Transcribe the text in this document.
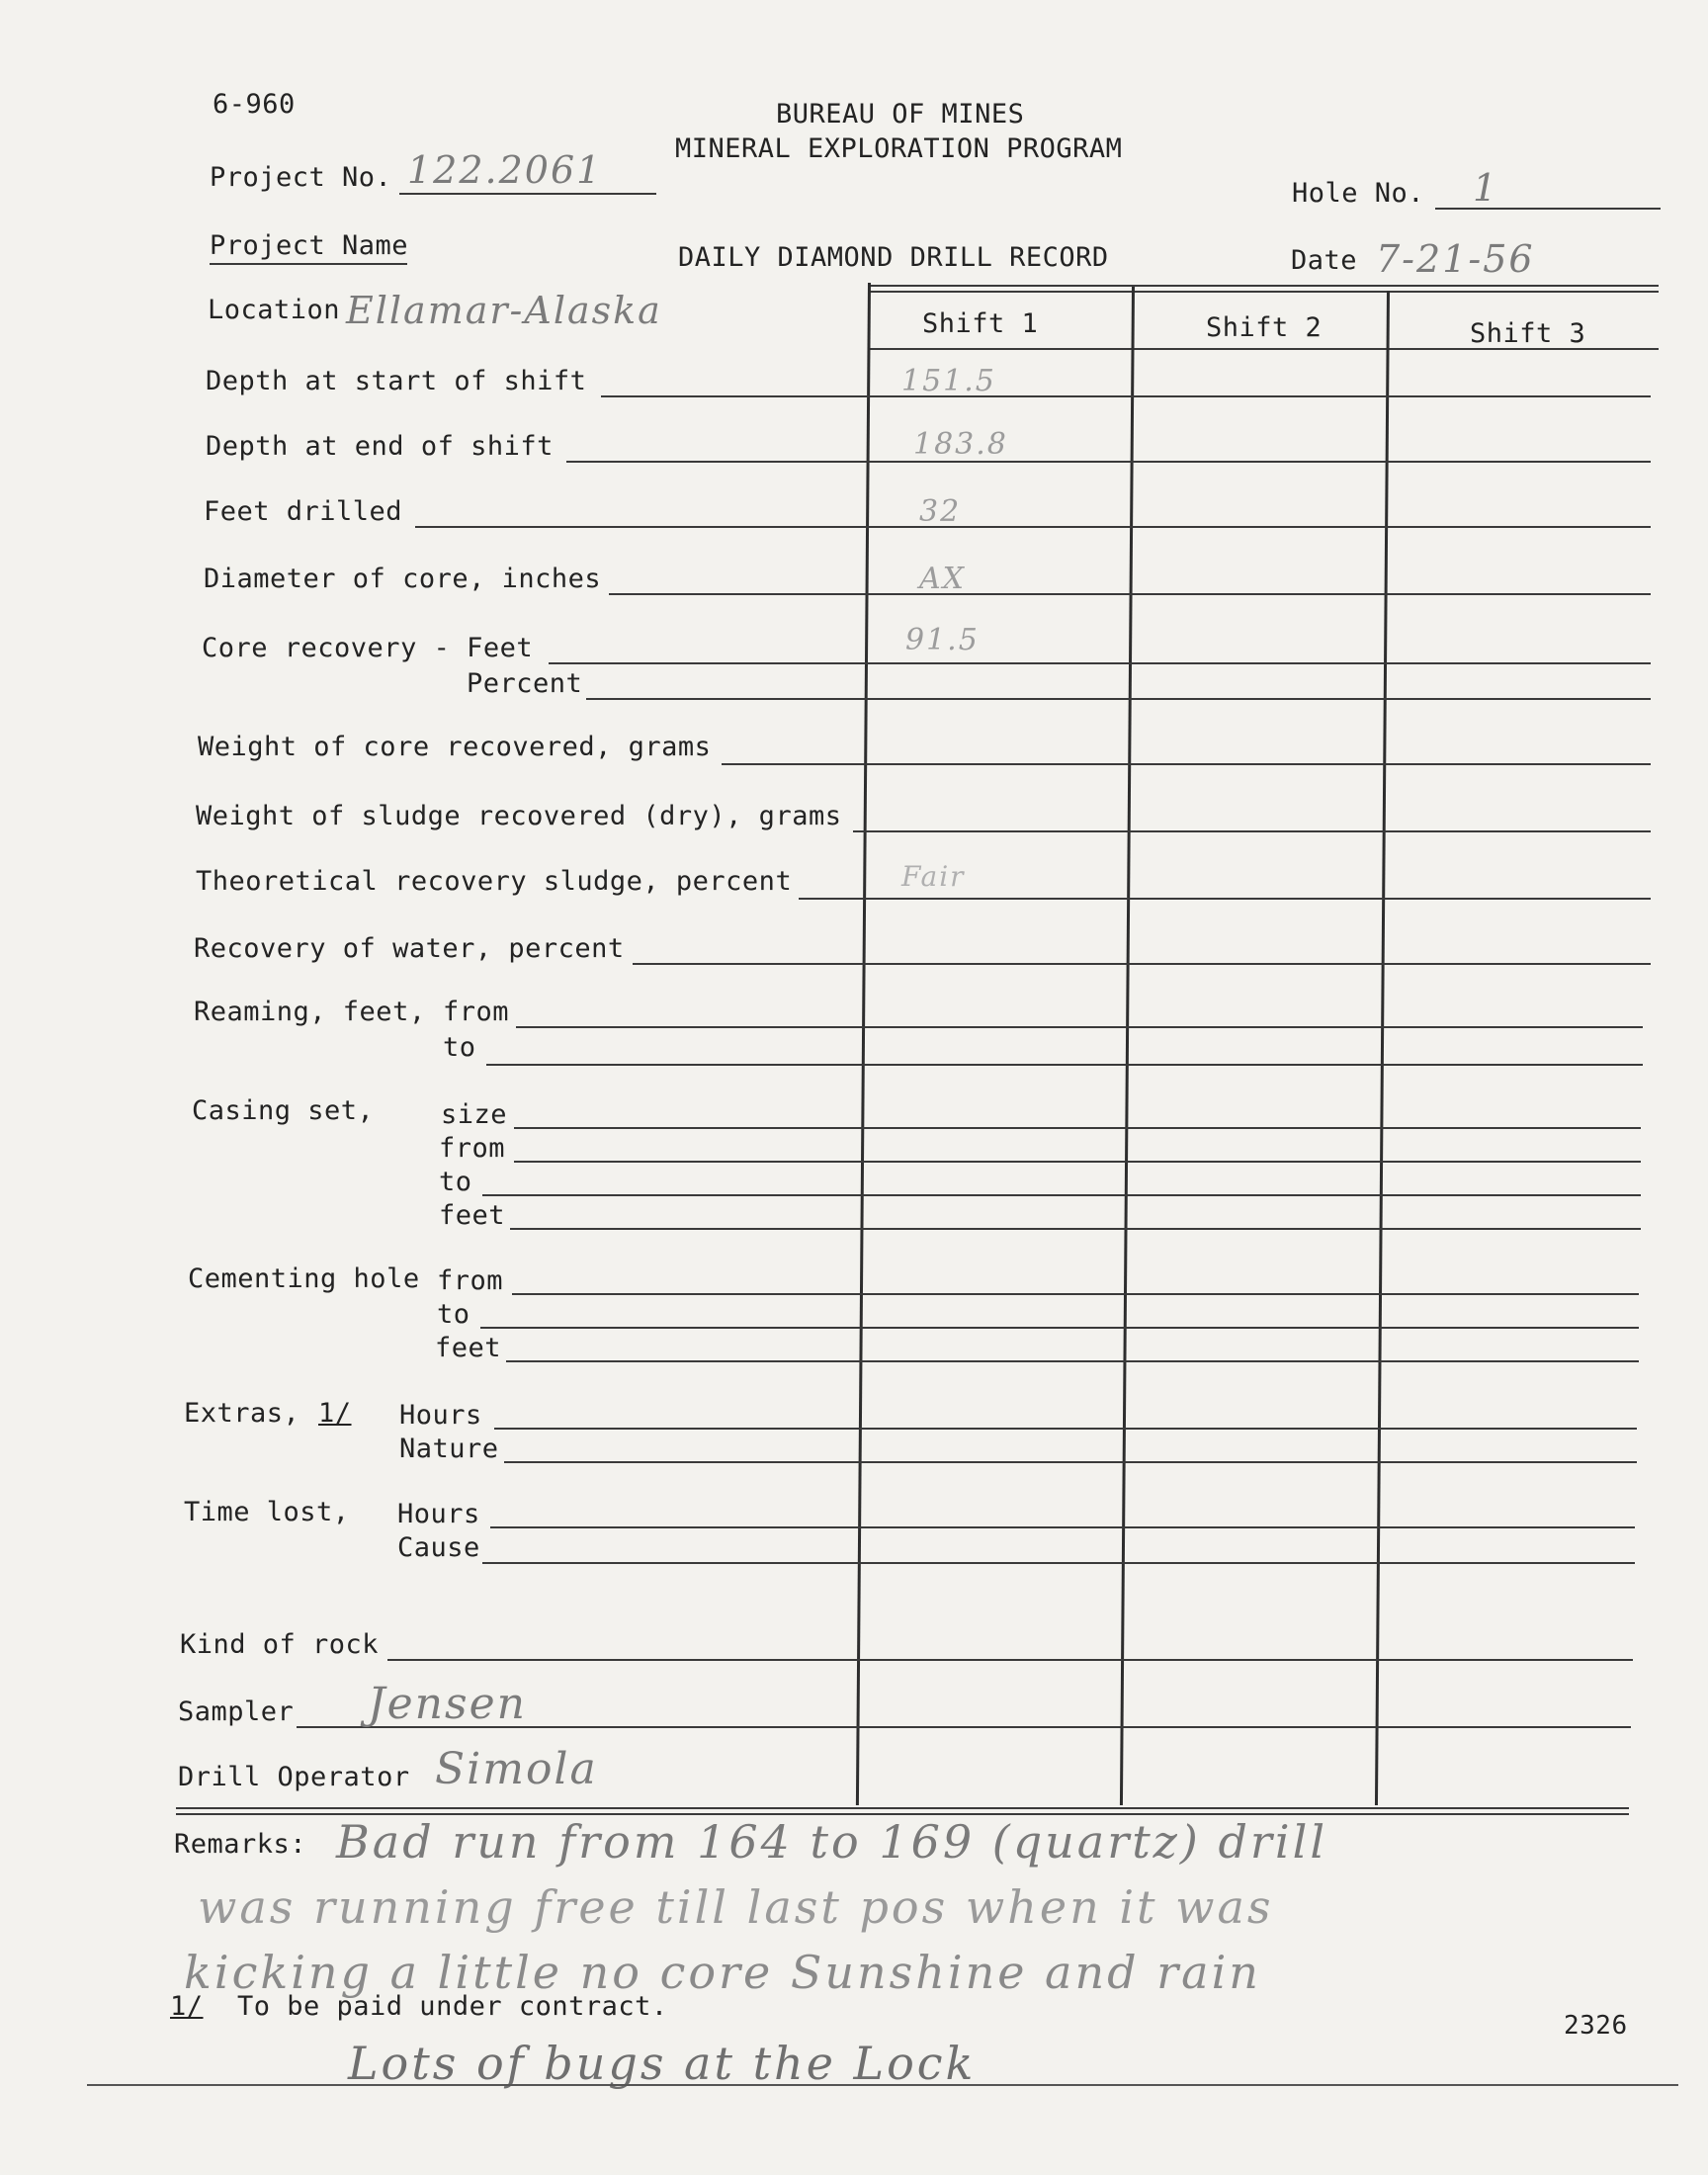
6-960	BUREAU OF MINES
MINERAL EXPLORATION PROGRAM
Project No. 122.2061
Hole No. 1
Project Name	DAILY DIAMOND DRILL RECORD	Date 7-21-56
Location Ellamar-Alaska	Shift 1	Shift 2	Shift 3
Depth at start of shift	151.5
Depth at end of shift	183.8
Feet drilled	32
Diameter of core, inches	AX
Core recovery - Feet	91.5
Percent
Weight of core recovered, grams
Weight of sludge recovered (dry), grams
Theoretical recovery sludge, percent	Fair
Recovery of water, percent
Reaming, feet, from
to
Casing set,	size
from
to
feet
Cementing hole from
to
feet
Extras, 1/ Hours
Nature
Time lost, Hours
Cause
Kind of rock
Sampler Jensen
Drill Operator Simola
Remarks: Bad run from 164 to 169 (quartz) drill
was running free till last pos when it was
kicking a little no core Sunshine and rain
1/ To be paid under contract.
Lots of bugs at the Lock
2326
